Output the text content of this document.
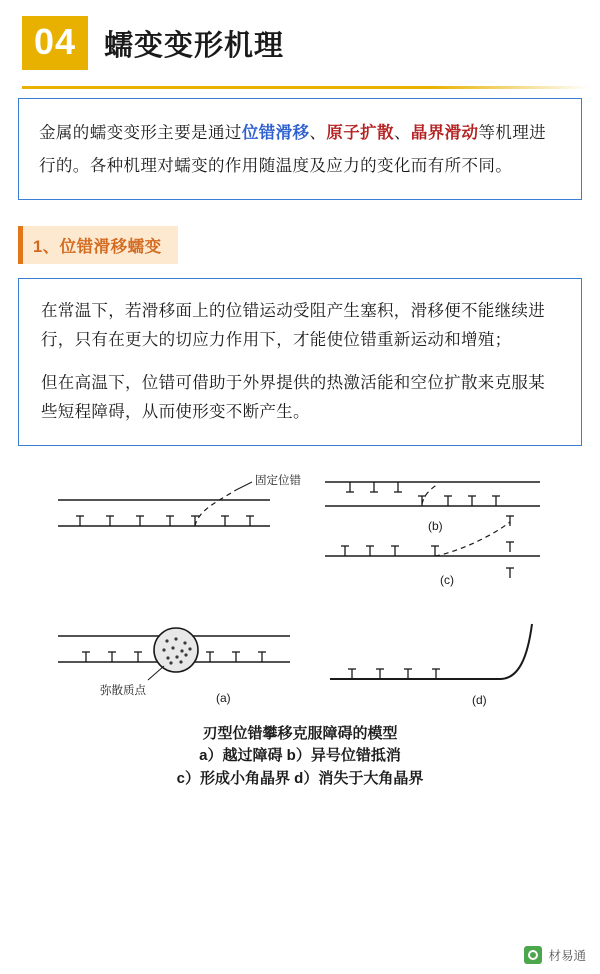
04 蠕变变形机理
金属的蠕变变形主要是通过位错滑移、原子扩散、晶界滑动等机理进行的。各种机理对蠕变的作用随温度及应力的变化而有所不同。
1、位错滑移蠕变
在常温下，若滑移面上的位错运动受阻产生塞积，滑移便不能继续进行，只有在更大的切应力作用下，才能使位错重新运动和增殖；
但在高温下，位错可借助于外界提供的热激活能和空位扩散来克服某些短程障碍，从而使形变不断产生。
固定位错
(b)
(c)
(d)
弥散质点	(a)
刃型位错攀移克服障碍的模型
a）越过障碍 b）异号位错抵消
c）形成小角晶界 d）消失于大角晶界
材易通
